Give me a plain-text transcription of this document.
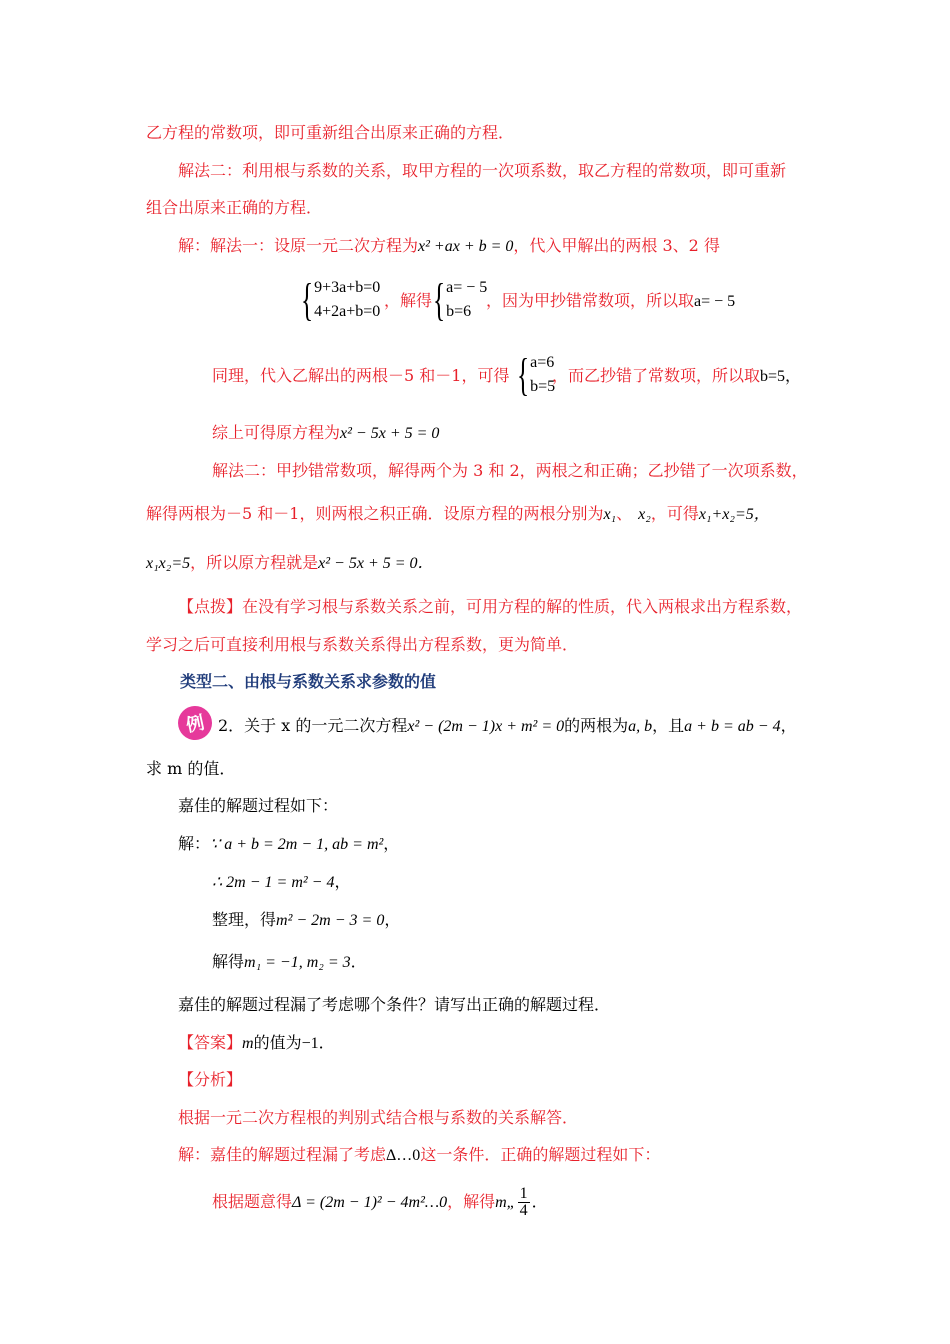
乙方程的常数项，即可重新组合出原来正确的方程．
解法二：利用根与系数的关系，取甲方程的一次项系数，取乙方程的常数项，即可重新
组合出原来正确的方程．
解：解法一：设原一元二次方程为x² +ax + b = 0，代入甲解出的两根 3、2 得
{ 9+3a+b=0
4+2a+b=0
，解得 { a= − 5
b=6
，因为甲抄错常数项，所以取a= − 5
同理，代入乙解出的两根－5 和－1，可得 { a=6
b=5
，而乙抄错了常数项，所以取b=5，
综上可得原方程为x² − 5x + 5 = 0
解法二：甲抄错常数项，解得两个为 3 和 2，两根之和正确；乙抄错了一次项系数，
解得两根为－5 和－1，则两根之积正确．设原方程的两根分别为x₁、 x₂，可得x₁+x₂=5，
x₁x₂=5，所以原方程就是x² − 5x + 5 = 0．
【点拨】在没有学习根与系数关系之前，可用方程的解的性质，代入两根求出方程系数，
学习之后可直接利用根与系数关系得出方程系数，更为简单．
类型二、由根与系数关系求参数的值
例 2．关于 x 的一元二次方程x² − (2m − 1)x + m² = 0的两根为a, b，且a + b = ab − 4，
求 m 的值．
嘉佳的解题过程如下：
解：∵ a + b = 2m − 1, ab = m²，
∴ 2m − 1 = m² − 4，
整理，得m² − 2m − 3 = 0，
解得m₁ = −1, m₂ = 3．
嘉佳的解题过程漏了考虑哪个条件？请写出正确的解题过程．
【答案】m的值为−1．
【分析】
根据一元二次方程根的判别式结合根与系数的关系解答．
解：嘉佳的解题过程漏了考虑Δ…0这一条件．正确的解题过程如下：
根据题意得Δ = (2m − 1)² − 4m²…0，解得m„ $\frac{1}{4}$ ．
